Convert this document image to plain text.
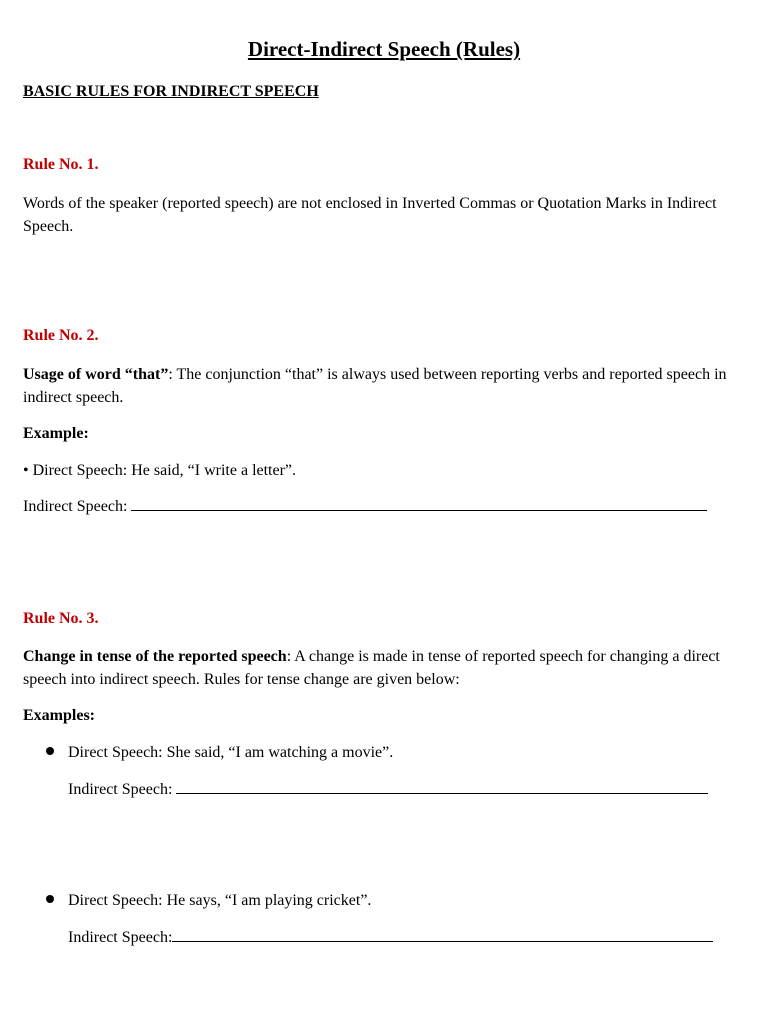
Direct-Indirect Speech (Rules)
BASIC RULES FOR INDIRECT SPEECH
Rule No. 1.
Words of the speaker (reported speech) are not enclosed in Inverted Commas or Quotation Marks in Indirect Speech.
Rule No. 2.
Usage of word “that”: The conjunction “that” is always used between reporting verbs and reported speech in indirect speech.
Example:
• Direct Speech: He said, “I write a letter”.
Indirect Speech:
Rule No. 3.
Change in tense of the reported speech: A change is made in tense of reported speech for changing a direct speech into indirect speech. Rules for tense change are given below:
Examples:
Direct Speech: She said, “I am watching a movie”.
Indirect Speech:
Direct Speech: He says, “I am playing cricket”.
Indirect Speech:
